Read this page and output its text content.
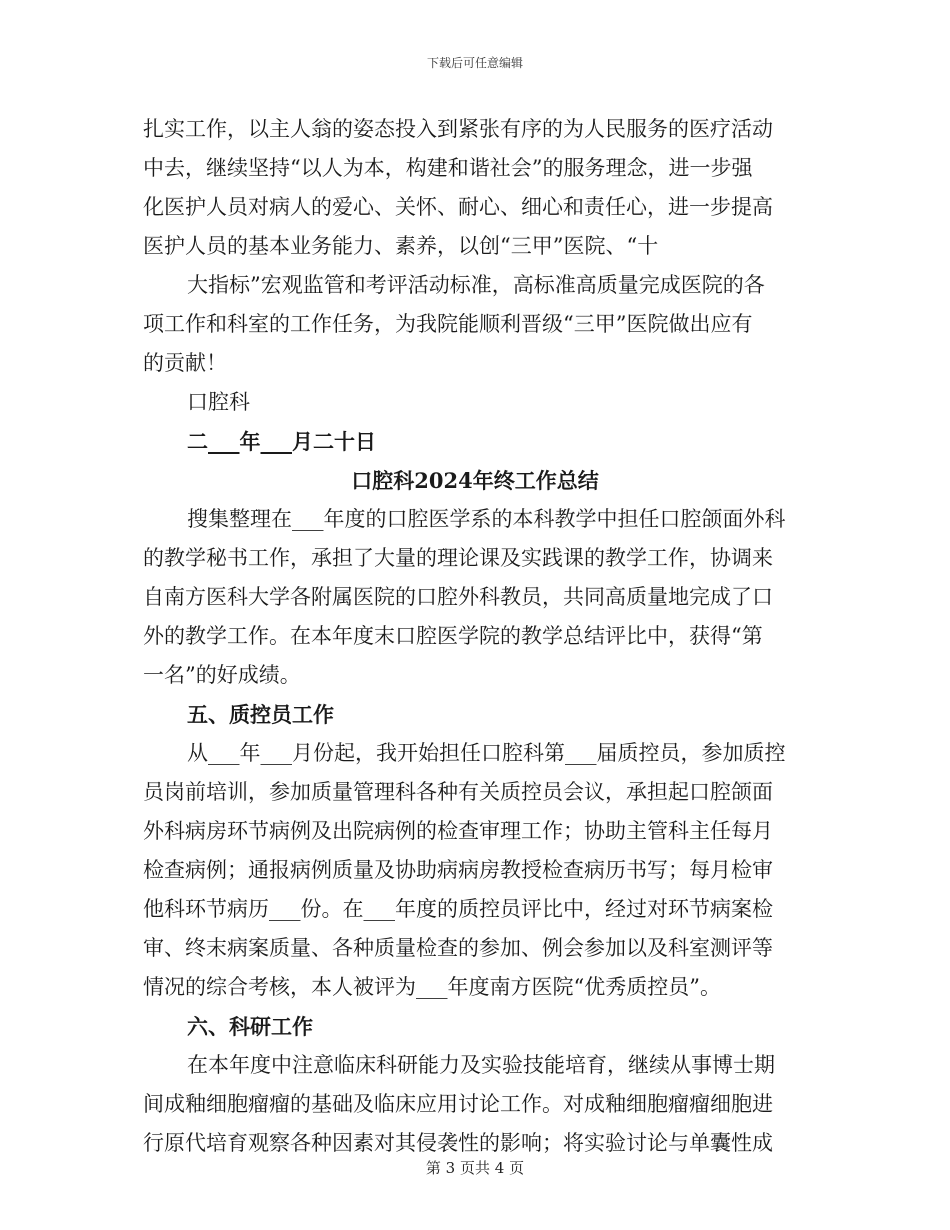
下载后可任意编辑
扎实工作，以主人翁的姿态投入到紧张有序的为人民服务的医疗活动
中去，继续坚持“以人为本，构建和谐社会”的服务理念，进一步强
化医护人员对病人的爱心、关怀、耐心、细心和责任心，进一步提高
医护人员的基本业务能力、素养，以创“三甲”医院、“十
大指标”宏观监管和考评活动标准，高标准高质量完成医院的各
项工作和科室的工作任务，为我院能顺利晋级“三甲”医院做出应有
的贡献！
口腔科
二___年___月二十日
口腔科2024年终工作总结
搜集整理在___年度的口腔医学系的本科教学中担任口腔颌面外科
的教学秘书工作，承担了大量的理论课及实践课的教学工作，协调来
自南方医科大学各附属医院的口腔外科教员，共同高质量地完成了口
外的教学工作。在本年度末口腔医学院的教学总结评比中，获得“第
一名”的好成绩。
五、质控员工作
从___年___月份起，我开始担任口腔科第___届质控员，参加质控
员岗前培训，参加质量管理科各种有关质控员会议，承担起口腔颌面
外科病房环节病例及出院病例的检查审理工作；协助主管科主任每月
检查病例；通报病例质量及协助病病房教授检查病历书写；每月检审
他科环节病历___份。在___年度的质控员评比中，经过对环节病案检
审、终末病案质量、各种质量检查的参加、例会参加以及科室测评等
情况的综合考核，本人被评为___年度南方医院“优秀质控员”。
六、科研工作
在本年度中注意临床科研能力及实验技能培育，继续从事博士期
间成釉细胞瘤瘤的基础及临床应用讨论工作。对成釉细胞瘤瘤细胞进
行原代培育观察各种因素对其侵袭性的影响；将实验讨论与单囊性成
第 3 页共 4 页
